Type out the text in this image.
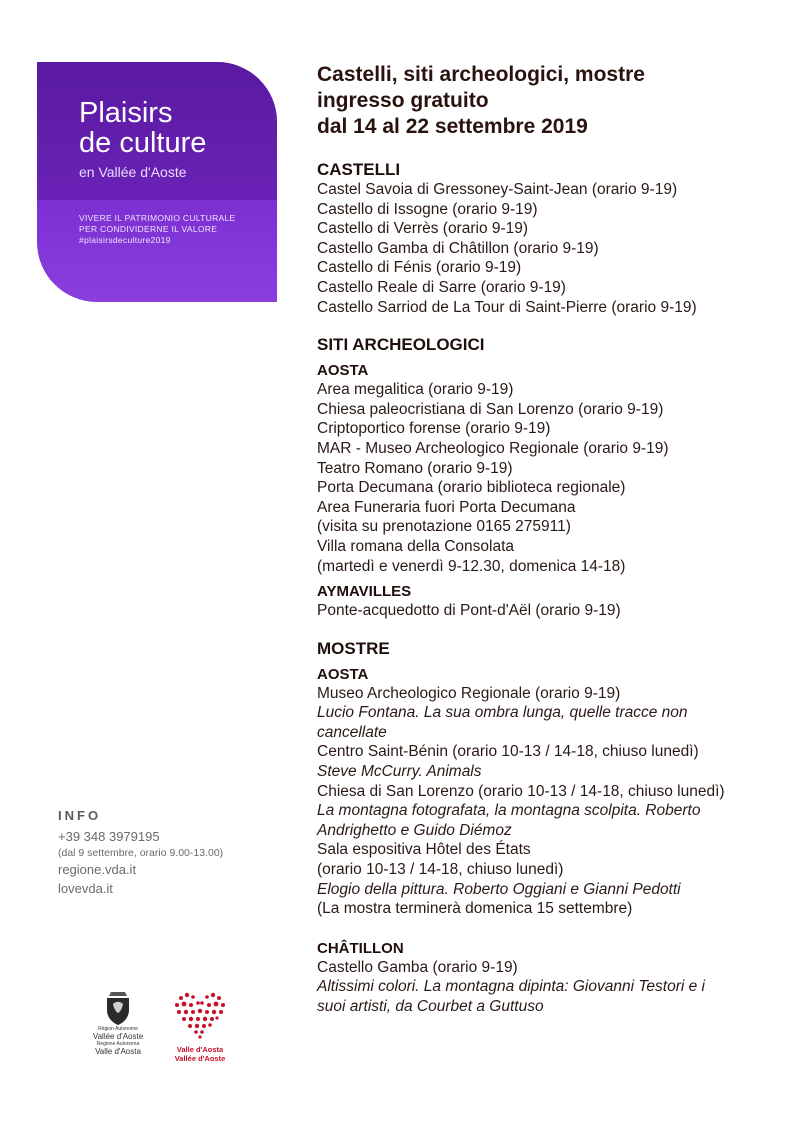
Plaisirs
de culture
en Vallée d'Aoste
VIVERE IL PATRIMONIO CULTURALE
PER CONDIVIDERNE IL VALORE
#plaisirsdeculture2019
Castelli, siti archeologici, mostre
ingresso gratuito
dal 14 al 22 settembre 2019
CASTELLI
Castel Savoia di Gressoney-Saint-Jean (orario 9-19)
Castello di Issogne (orario 9-19)
Castello di Verrès (orario 9-19)
Castello Gamba di Châtillon (orario 9-19)
Castello di Fénis (orario 9-19)
Castello Reale di Sarre (orario 9-19)
Castello Sarriod de La Tour di Saint-Pierre (orario 9-19)
SITI ARCHEOLOGICI
AOSTA
Area megalitica (orario 9-19)
Chiesa paleocristiana di San Lorenzo (orario 9-19)
Criptoportico forense (orario 9-19)
MAR - Museo Archeologico Regionale (orario 9-19)
Teatro Romano (orario 9-19)
Porta Decumana (orario biblioteca regionale)
Area Funeraria fuori Porta Decumana
(visita su prenotazione 0165 275911)
Villa romana della Consolata
(martedì e venerdì 9-12.30, domenica 14-18)
AYMAVILLES
Ponte-acquedotto di Pont-d'Aël (orario 9-19)
MOSTRE
AOSTA
Museo Archeologico Regionale (orario 9-19)
Lucio Fontana. La sua ombra lunga, quelle tracce non
cancellate
Centro Saint-Bénin (orario 10-13 / 14-18, chiuso lunedì)
Steve McCurry. Animals
Chiesa di San Lorenzo (orario 10-13 / 14-18, chiuso lunedì)
La montagna fotografata, la montagna scolpita. Roberto
Andrighetto e Guido Diémoz
Sala espositiva Hôtel des États
(orario 10-13 / 14-18, chiuso lunedì)
Elogio della pittura. Roberto Oggiani e Gianni Pedotti
(La mostra terminerà domenica 15 settembre)
CHÂTILLON
Castello Gamba (orario 9-19)
Altissimi colori. La montagna dipinta: Giovanni Testori e i
suoi artisti, da Courbet a Guttuso
INFO
+39 348 3979195
(dal 9 settembre, orario 9.00-13.00)
regione.vda.it
lovevda.it
Région Autonome
Vallée d'Aoste
Regione Autonoma
Valle d'Aosta	Valle d'Aosta
Vallée d'Aoste
